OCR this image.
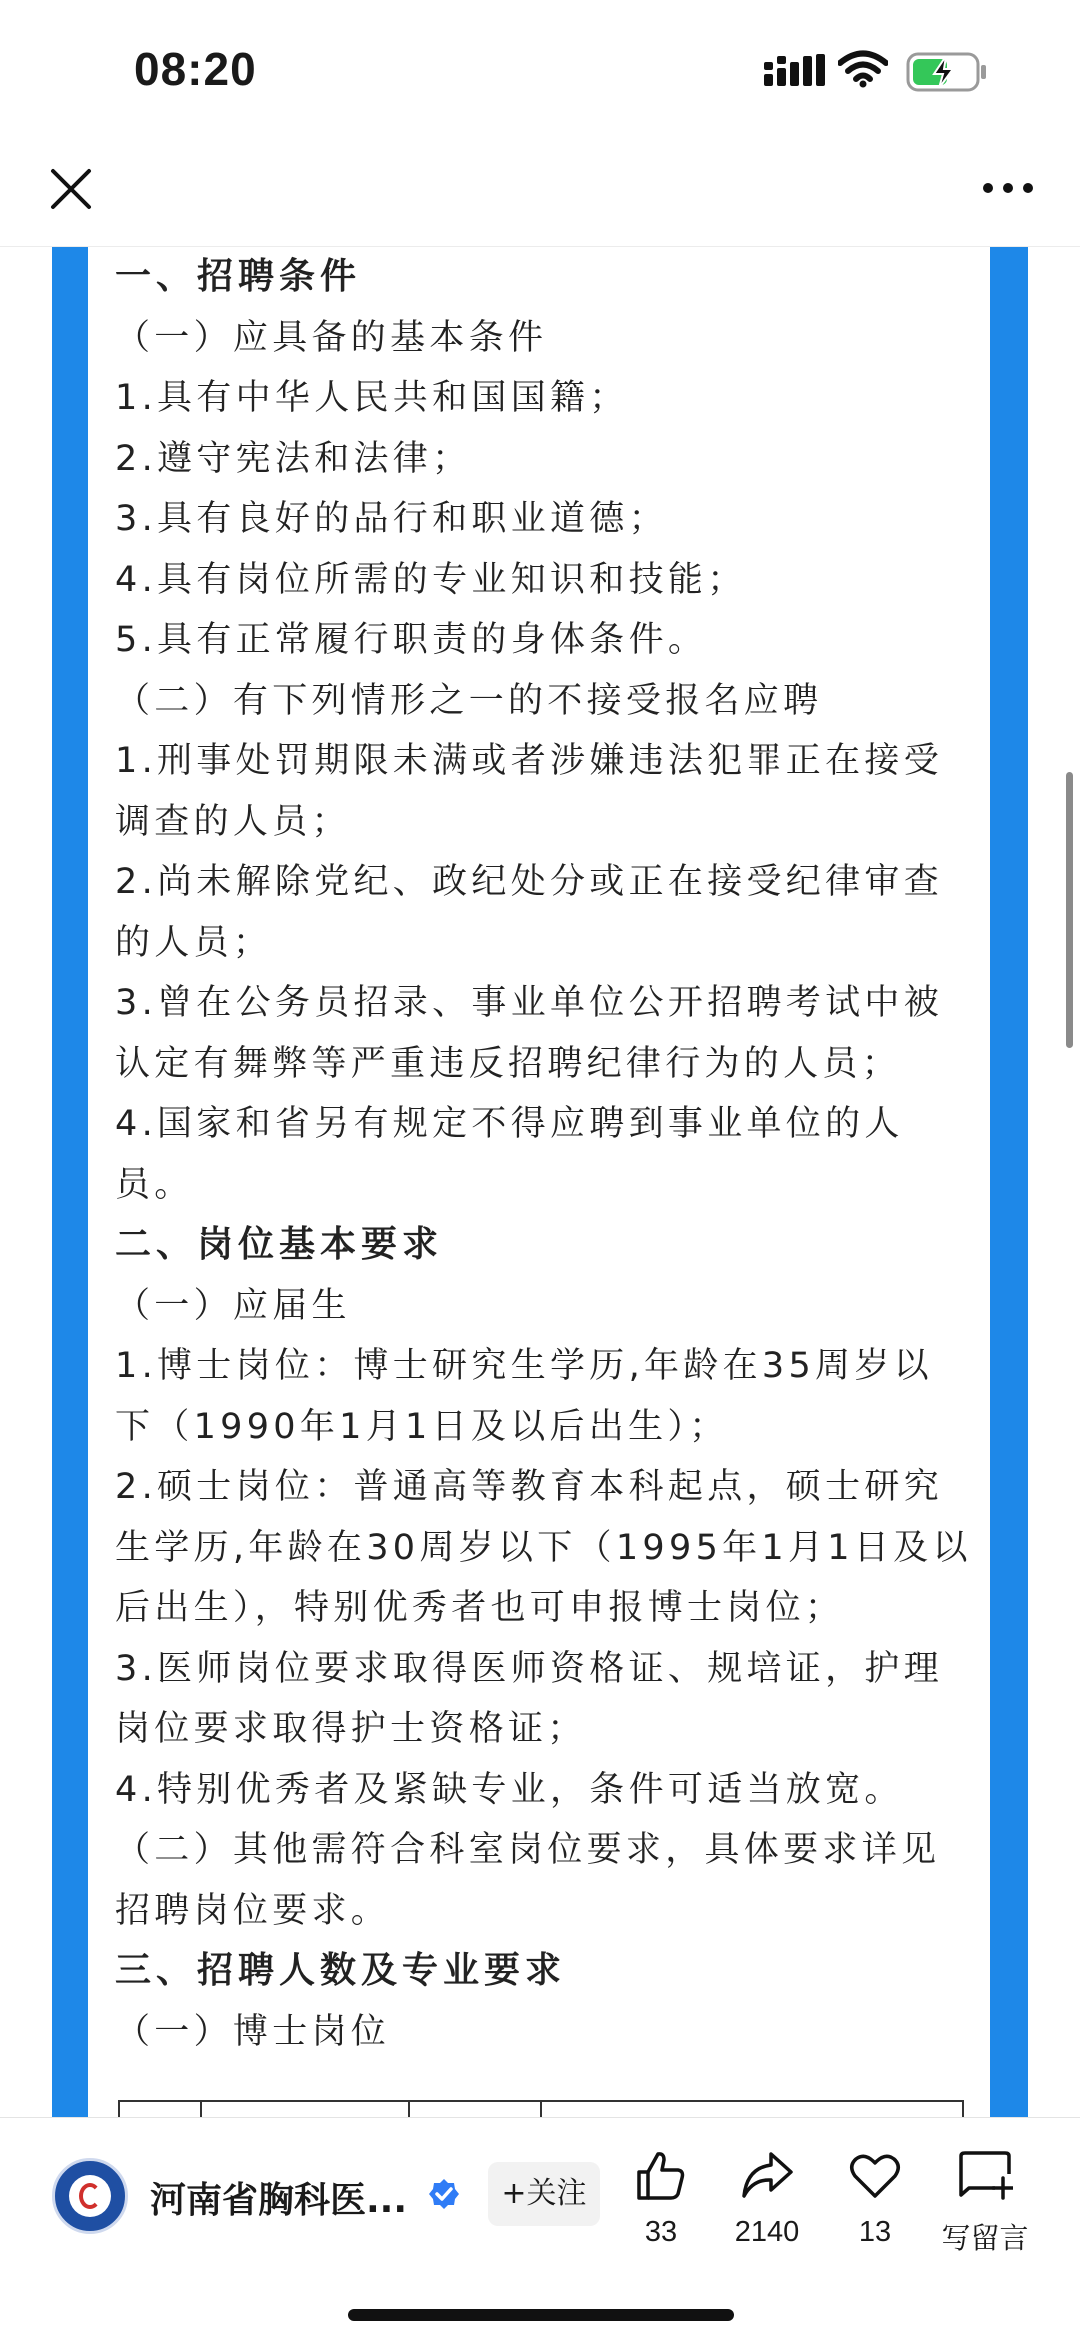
08:20
一、招聘条件
（一）应具备的基本条件
1.具有中华人民共和国国籍；
2.遵守宪法和法律；
3.具有良好的品行和职业道德；
4.具有岗位所需的专业知识和技能；
5.具有正常履行职责的身体条件。
（二）有下列情形之一的不接受报名应聘
1.刑事处罚期限未满或者涉嫌违法犯罪正在接受
调查的人员；
2.尚未解除党纪、政纪处分或正在接受纪律审查
的人员；
3.曾在公务员招录、事业单位公开招聘考试中被
认定有舞弊等严重违反招聘纪律行为的人员；
4.国家和省另有规定不得应聘到事业单位的人
员。
二、岗位基本要求
（一）应届生
1.博士岗位：博士研究生学历,年龄在35周岁以
下（1990年1月1日及以后出生）；
2.硕士岗位：普通高等教育本科起点，硕士研究
生学历,年龄在30周岁以下（1995年1月1日及以
后出生），特别优秀者也可申报博士岗位；
3.医师岗位要求取得医师资格证、规培证，护理
岗位要求取得护士资格证；
4.特别优秀者及紧缺专业，条件可适当放宽。
（二）其他需符合科室岗位要求，具体要求详见
招聘岗位要求。
三、招聘人数及专业要求
（一）博士岗位
河南省胸科医...	+关注
33	2140	13	写留言
